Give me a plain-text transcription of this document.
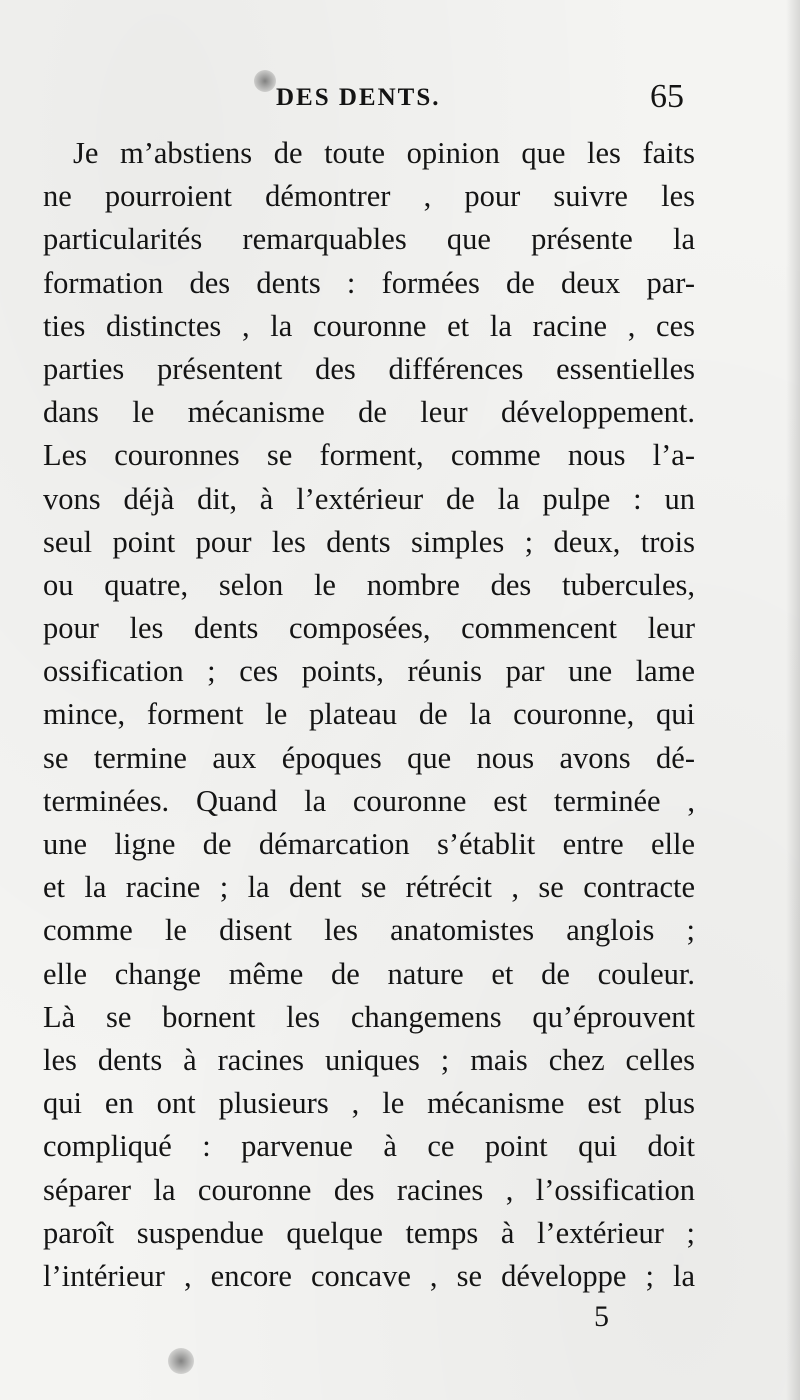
DES DENTS.	65
Je m’abstiens de toute opinion que les faits
ne pourroient démontrer , pour suivre les
particularités remarquables que présente la
formation des dents : formées de deux par-
ties distinctes , la couronne et la racine , ces
parties présentent des différences essentielles
dans le mécanisme de leur développement.
Les couronnes se forment, comme nous l’a-
vons déjà dit, à l’extérieur de la pulpe : un
seul point pour les dents simples ; deux, trois
ou quatre, selon le nombre des tubercules,
pour les dents composées, commencent leur
ossification ; ces points, réunis par une lame
mince, forment le plateau de la couronne, qui
se termine aux époques que nous avons dé-
terminées. Quand la couronne est terminée ,
une ligne de démarcation s’établit entre elle
et la racine ; la dent se rétrécit , se contracte
comme le disent les anatomistes anglois ;
elle change même de nature et de couleur.
Là se bornent les changemens qu’éprouvent
les dents à racines uniques ; mais chez celles
qui en ont plusieurs , le mécanisme est plus
compliqué : parvenue à ce point qui doit
séparer la couronne des racines , l’ossification
paroît suspendue quelque temps à l’extérieur ;
l’intérieur , encore concave , se développe ; la
5
